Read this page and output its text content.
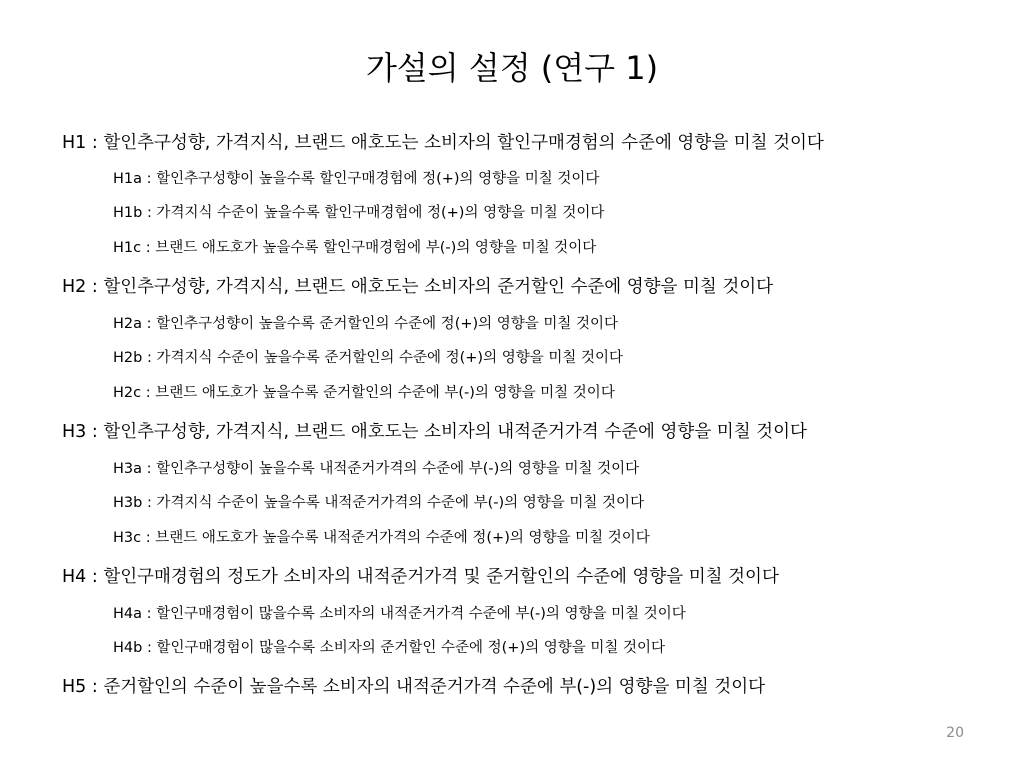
가설의 설정 (연구 1)
H1 : 할인추구성향, 가격지식, 브랜드 애호도는 소비자의 할인구매경험의 수준에 영향을 미칠 것이다
H1a : 할인추구성향이 높을수록 할인구매경험에 정(+)의 영향을 미칠 것이다
H1b : 가격지식 수준이 높을수록 할인구매경험에 정(+)의 영향을 미칠 것이다
H1c : 브랜드 애도호가 높을수록 할인구매경험에 부(-)의 영향을 미칠 것이다
H2 : 할인추구성향, 가격지식, 브랜드 애호도는 소비자의 준거할인 수준에 영향을 미칠 것이다
H2a : 할인추구성향이 높을수록 준거할인의 수준에 정(+)의 영향을 미칠 것이다
H2b : 가격지식 수준이 높을수록 준거할인의 수준에 정(+)의 영향을 미칠 것이다
H2c : 브랜드 애도호가 높을수록 준거할인의 수준에 부(-)의 영향을 미칠 것이다
H3 : 할인추구성향, 가격지식, 브랜드 애호도는 소비자의 내적준거가격 수준에 영향을 미칠 것이다
H3a : 할인추구성향이 높을수록 내적준거가격의 수준에 부(-)의 영향을 미칠 것이다
H3b : 가격지식 수준이 높을수록 내적준거가격의 수준에 부(-)의 영향을 미칠 것이다
H3c : 브랜드 애도호가 높을수록 내적준거가격의 수준에 정(+)의 영향을 미칠 것이다
H4 : 할인구매경험의 정도가 소비자의 내적준거가격 및 준거할인의 수준에 영향을 미칠 것이다
H4a : 할인구매경험이 많을수록 소비자의 내적준거가격 수준에 부(-)의 영향을 미칠 것이다
H4b : 할인구매경험이 많을수록 소비자의 준거할인 수준에 정(+)의 영향을 미칠 것이다
H5 : 준거할인의 수준이 높을수록 소비자의 내적준거가격 수준에 부(-)의 영향을 미칠 것이다
20
